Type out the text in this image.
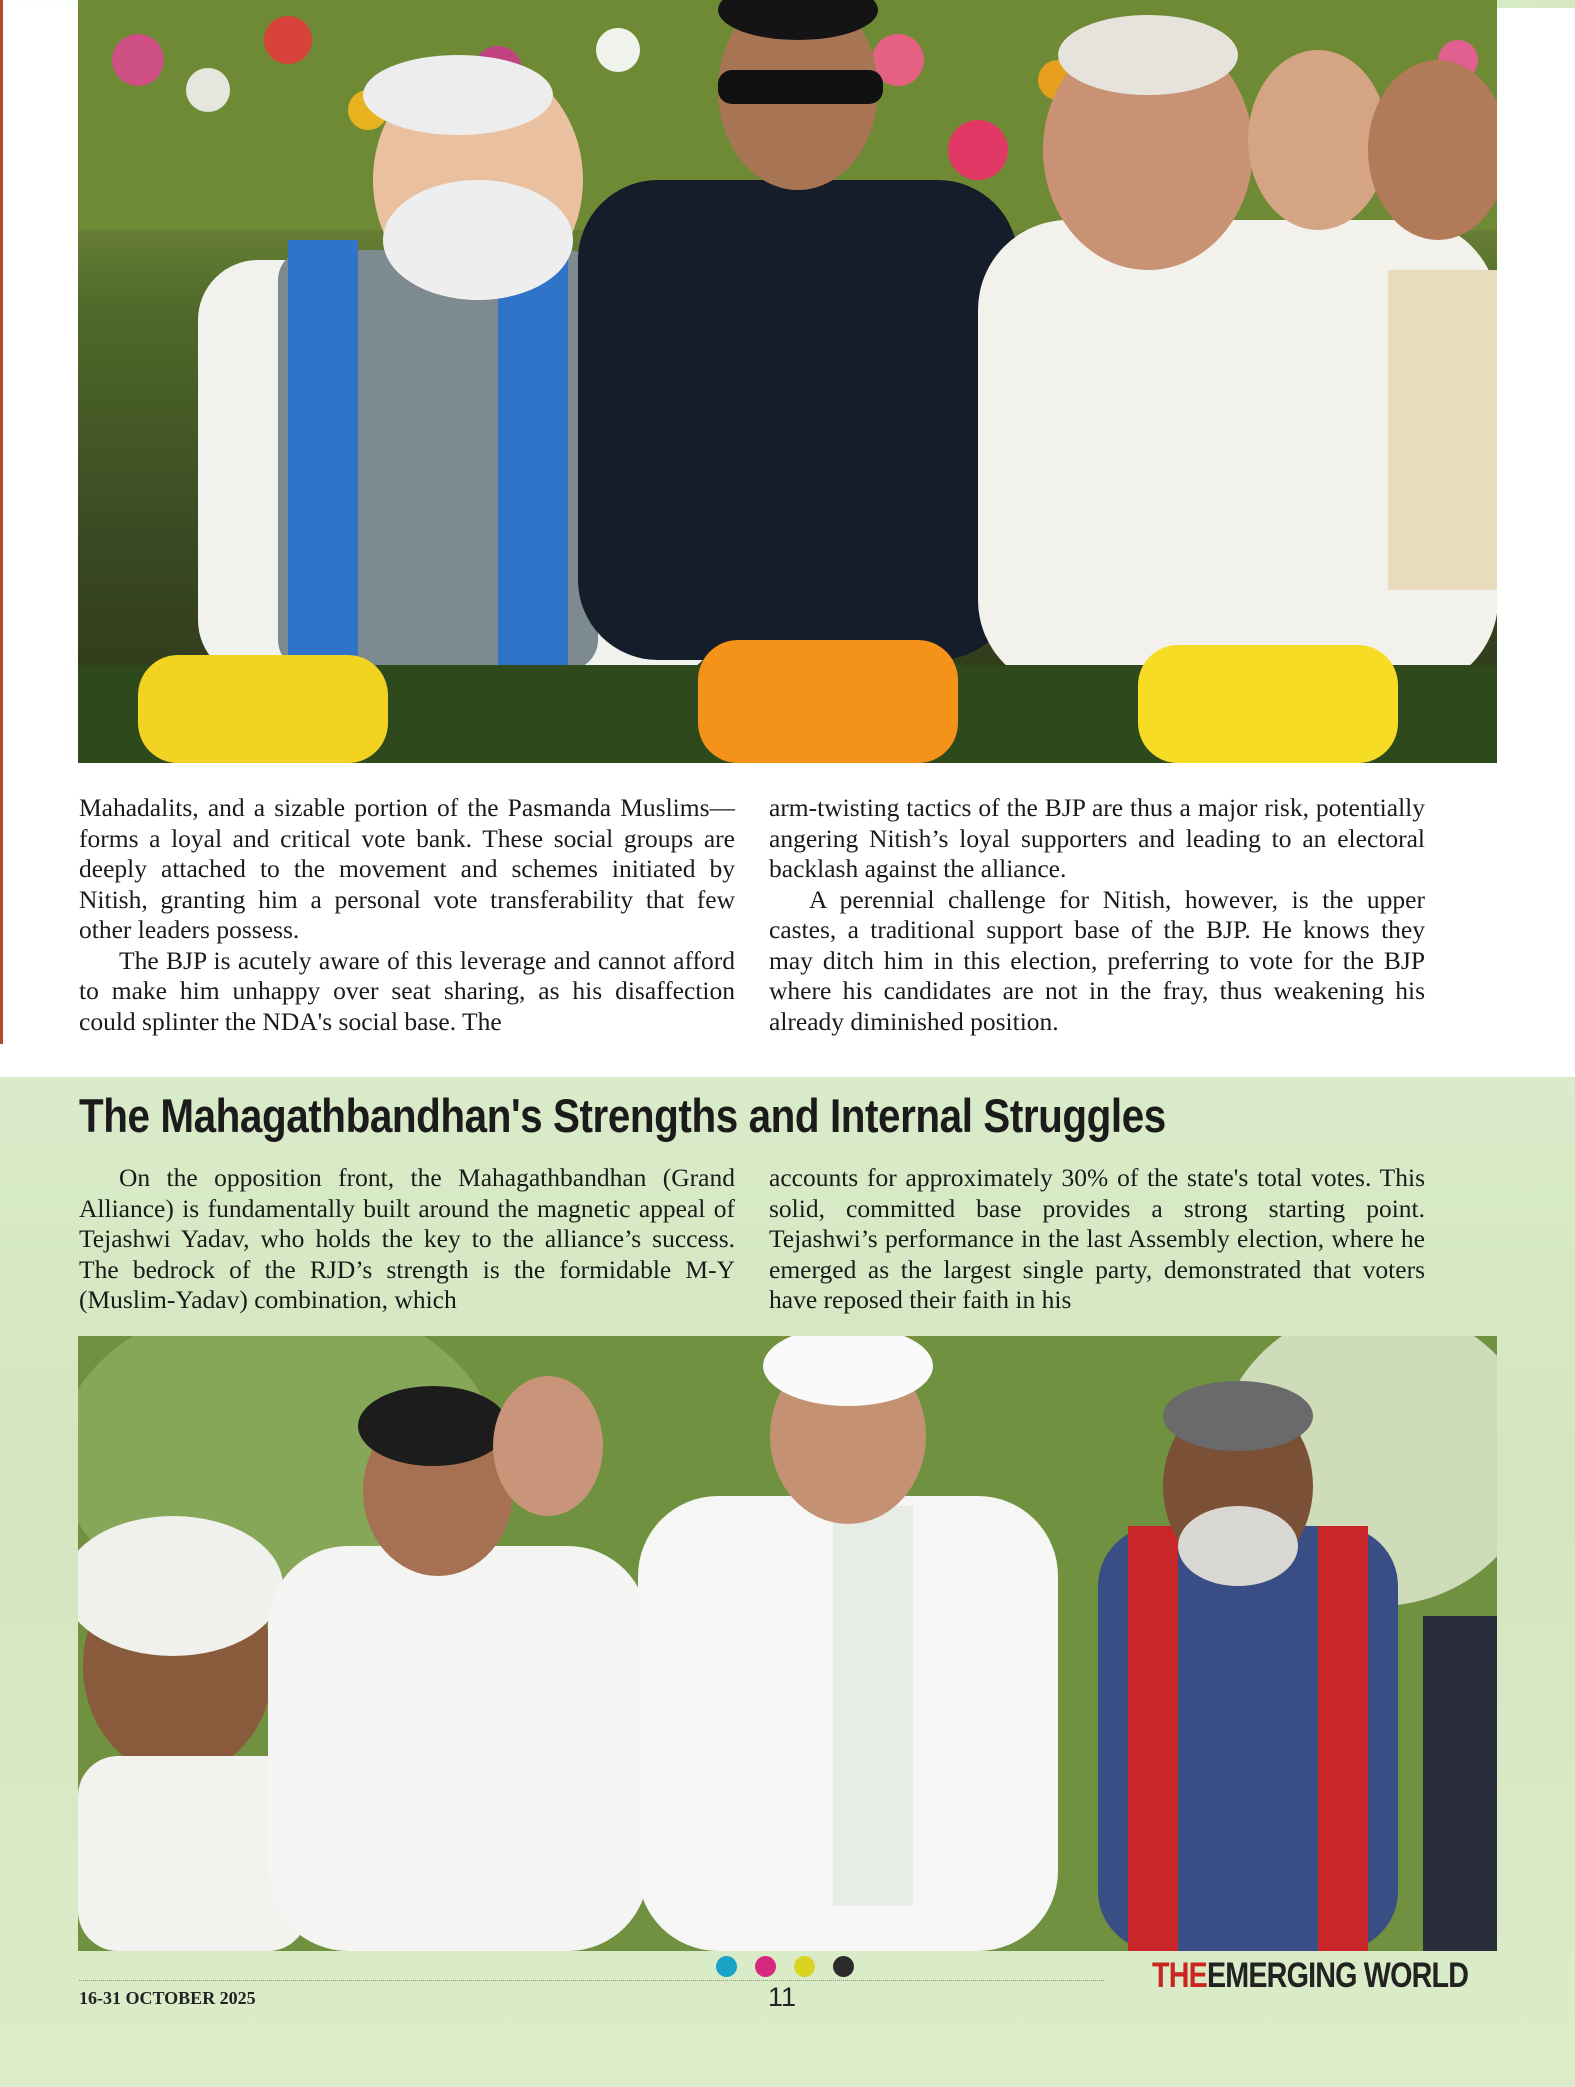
Mahadalits, and a sizable portion of the Pasmanda Muslims—forms a loyal and critical vote bank. These social groups are deeply attached to the movement and schemes initiated by Nitish, granting him a personal vote transferability that few other leaders possess.

The BJP is acutely aware of this leverage and cannot afford to make him unhappy over seat sharing, as his disaffection could splinter the NDA's social base. The

arm-twisting tactics of the BJP are thus a major risk, potentially angering Nitish’s loyal supporters and leading to an electoral backlash against the alliance.

A perennial challenge for Nitish, however, is the upper castes, a traditional support base of the BJP. He knows they may ditch him in this election, preferring to vote for the BJP where his candidates are not in the fray, thus weakening his already diminished position.

The Mahagathbandhan's Strengths and Internal Struggles

On the opposition front, the Mahagathbandhan (Grand Alliance) is fundamentally built around the magnetic appeal of Tejashwi Yadav, who holds the key to the alliance’s success. The bedrock of the RJD’s strength is the formidable M-Y (Muslim-Yadav) combination, which

accounts for approximately 30% of the state's total votes. This solid, committed base provides a strong starting point. Tejashwi’s performance in the last Assembly election, where he emerged as the largest single party, demonstrated that voters have reposed their faith in his

16-31 OCTOBER 2025	11
THEEMERGING WORLD
